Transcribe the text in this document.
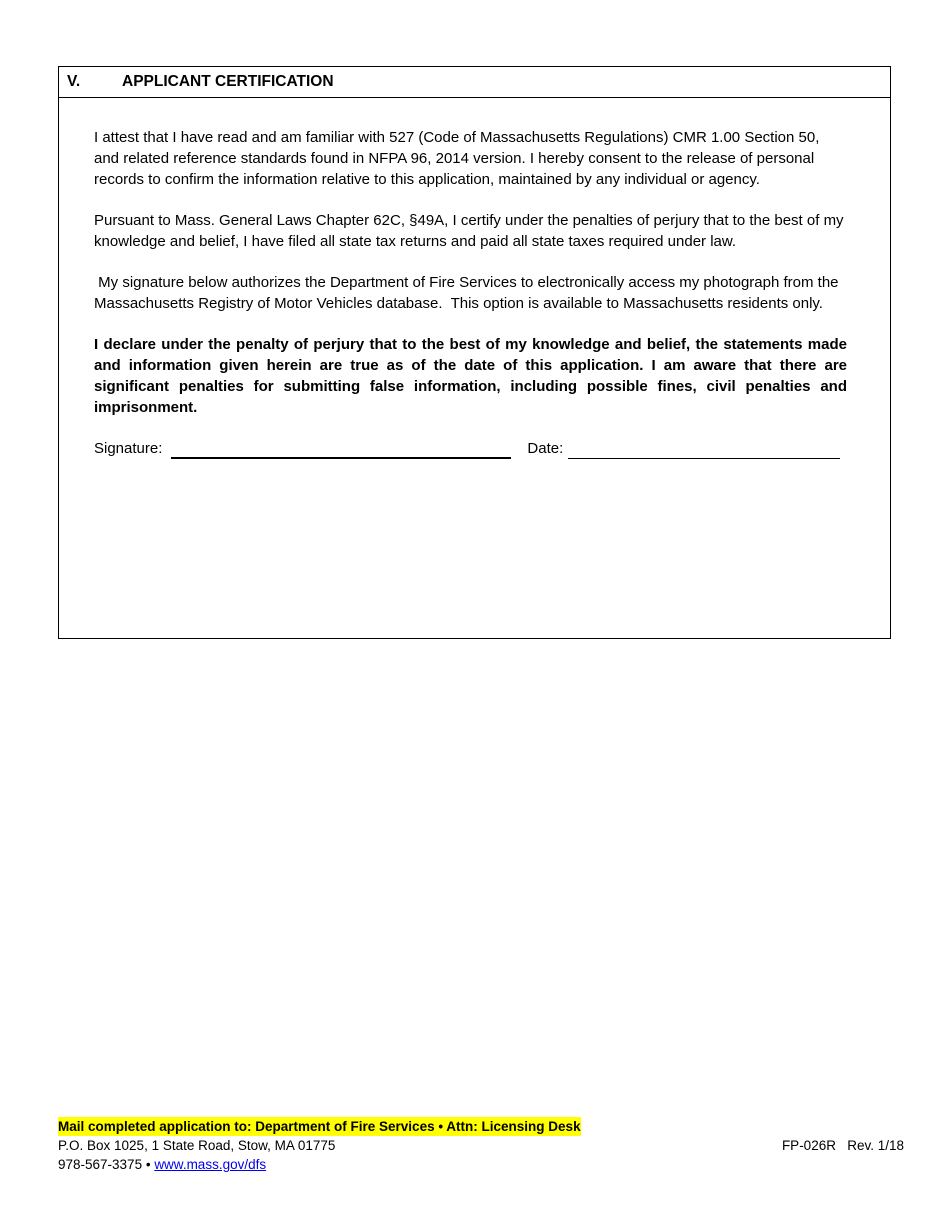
V.	APPLICANT CERTIFICATION

I attest that I have read and am familiar with 527 (Code of Massachusetts Regulations) CMR 1.00 Section 50, and related reference standards found in NFPA 96, 2014 version. I hereby consent to the release of personal records to confirm the information relative to this application, maintained by any individual or agency.

Pursuant to Mass. General Laws Chapter 62C, §49A, I certify under the penalties of perjury that to the best of my knowledge and belief, I have filed all state tax returns and paid all state taxes required under law.

My signature below authorizes the Department of Fire Services to electronically access my photograph from the Massachusetts Registry of Motor Vehicles database.  This option is available to Massachusetts residents only.

I declare under the penalty of perjury that to the best of my knowledge and belief, the statements made and information given herein are true as of the date of this application. I am aware that there are significant penalties for submitting false information, including possible fines, civil penalties and imprisonment.

Signature:	Date:
Mail completed application to: Department of Fire Services • Attn: Licensing Desk
P.O. Box 1025, 1 State Road, Stow, MA 01775
978-567-3375 • www.mass.gov/dfs
FP-026R   Rev. 1/18
